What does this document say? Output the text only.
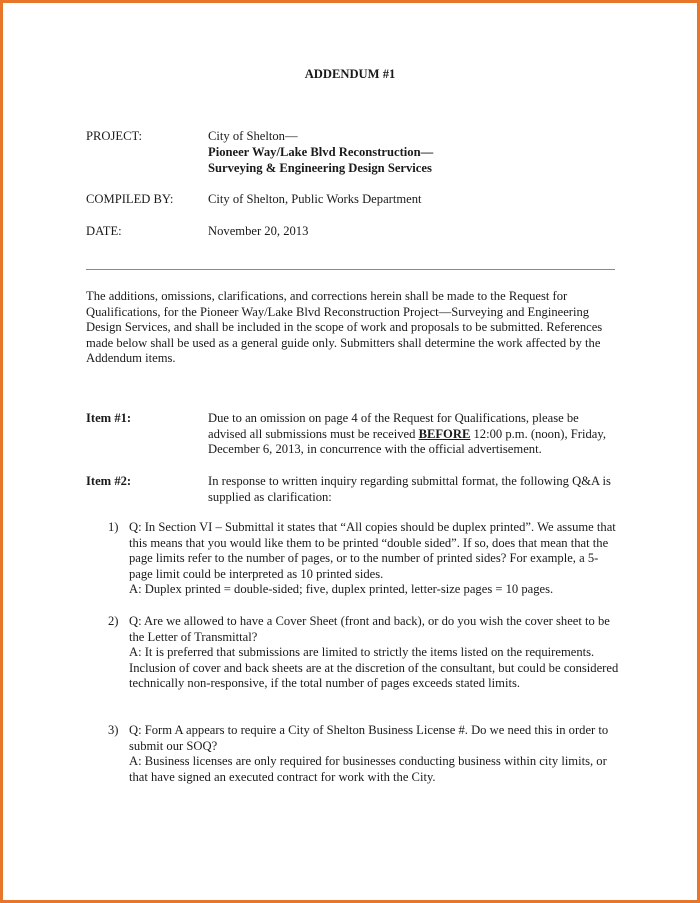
ADDENDUM #1
PROJECT:	City of Shelton—
Pioneer Way/Lake Blvd Reconstruction—
Surveying & Engineering Design Services
COMPILED BY:	City of Shelton, Public Works Department
DATE:	November 20, 2013
The additions, omissions, clarifications, and corrections herein shall be made to the Request for Qualifications, for the Pioneer Way/Lake Blvd Reconstruction Project—Surveying and Engineering Design Services, and shall be included in the scope of work and proposals to be submitted. References made below shall be used as a general guide only. Submitters shall determine the work affected by the Addendum items.
Item #1:	Due to an omission on page 4 of the Request for Qualifications, please be advised all submissions must be received BEFORE 12:00 p.m. (noon), Friday, December 6, 2013, in concurrence with the official advertisement.
Item #2:	In response to written inquiry regarding submittal format, the following Q&A is supplied as clarification:
1) Q: In Section VI – Submittal it states that “All copies should be duplex printed”. We assume that this means that you would like them to be printed “double sided”. If so, does that mean that the page limits refer to the number of pages, or to the number of printed sides? For example, a 5-page limit could be interpreted as 10 printed sides.
A: Duplex printed = double-sided; five, duplex printed, letter-size pages = 10 pages.
2) Q: Are we allowed to have a Cover Sheet (front and back), or do you wish the cover sheet to be the Letter of Transmittal?
A: It is preferred that submissions are limited to strictly the items listed on the requirements. Inclusion of cover and back sheets are at the discretion of the consultant, but could be considered technically non-responsive, if the total number of pages exceeds stated limits.
3) Q: Form A appears to require a City of Shelton Business License #. Do we need this in order to submit our SOQ?
A: Business licenses are only required for businesses conducting business within city limits, or that have signed an executed contract for work with the City.
